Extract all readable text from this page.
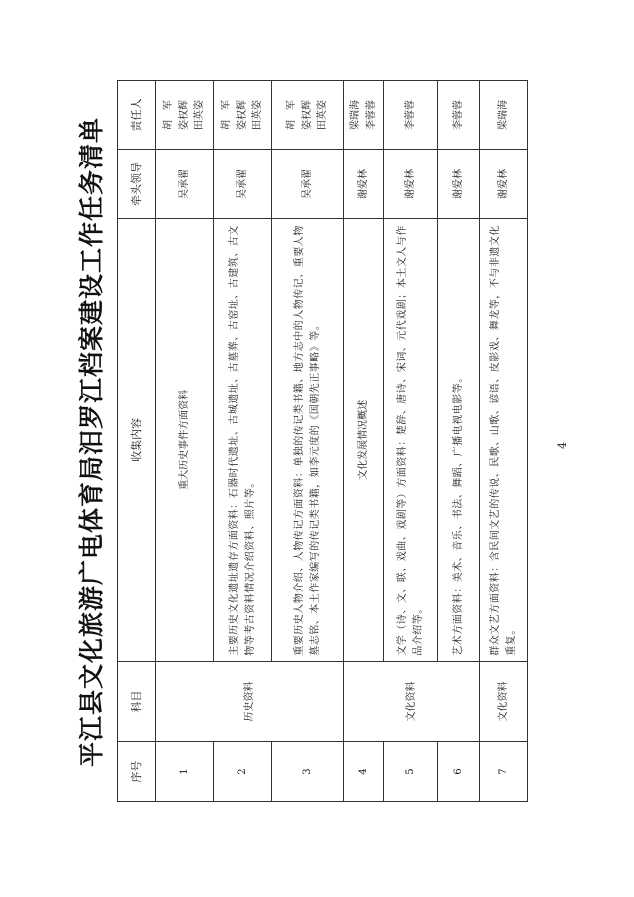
平江县文化旅游广电体育局汨罗江档案建设工作任务清单
序号	科目	收集内容	牵头领导	责任人
1	历史资料	重大历史事件方面资料	吴承翟	胡　军 姿权辉 田英姿

2		主要历史文化遗址遗存方面资料：石器时代遗址、古城遗址、古墓葬、古窑址、古建筑、古文物等考古资料情况介绍资料、照片等。	吴承翟	胡　军 姿权辉 田英姿

3		重要历史人物介绍、人物传记方面资料：单独的传记类书籍、地方志中的人物传记、重要人物墓志铭、本土作家编写的传记类书籍，如李元度的《国朝先正事略》等。	吴承翟	胡　军 姿权辉 田英姿

4	文化资料	文化发展情况概述	谢爱林	梁瑞海 李蓉蓉

5		文学（诗、文、联、戏曲、戏剧等）方面资料：楚辞、唐诗、宋词、元代戏剧；本土文人与作品介绍等。	谢爱林	李蓉蓉
6		艺术方面资料：美术、音乐、书法、舞蹈、广播电视电影等。	谢爱林	李蓉蓉
7	文化资料	群众文艺方面资料：含民间文艺的传说、民歌、山歌、谚语、皮影戏、舞龙等，不与非遗文化重复。	谢爱林	梁瑞海
4
